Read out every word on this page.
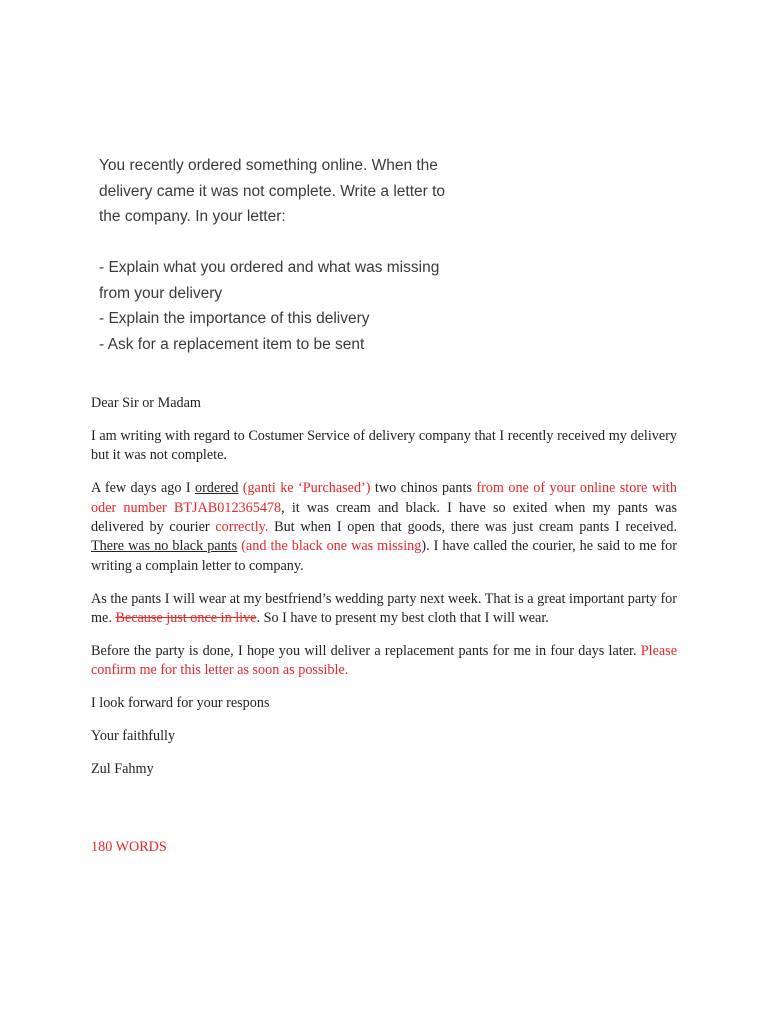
You recently ordered something online. When the
delivery came it was not complete. Write a letter to
the company. In your letter:
- Explain what you ordered and what was missing
from your delivery
- Explain the importance of this delivery
- Ask for a replacement item to be sent

Dear Sir or Madam

I am writing with regard to Costumer Service of delivery company that I recently received my delivery but it was not complete.

A few days ago I ordered (ganti ke ‘Purchased’) two chinos pants from one of your online store with oder number BTJAB012365478, it was cream and black. I have so exited when my pants was delivered by courier correctly. But when I open that goods, there was just cream pants I received. There was no black pants (and the black one was missing). I have called the courier, he said to me for writing a complain letter to company.

As the pants I will wear at my bestfriend’s wedding party next week. That is a great important party for me. Because just once in live. So I have to present my best cloth that I will wear.

Before the party is done, I hope you will deliver a replacement pants for me in four days later. Please confirm me for this letter as soon as possible.

I look forward for your respons

Your faithfully

Zul Fahmy

180 WORDS
